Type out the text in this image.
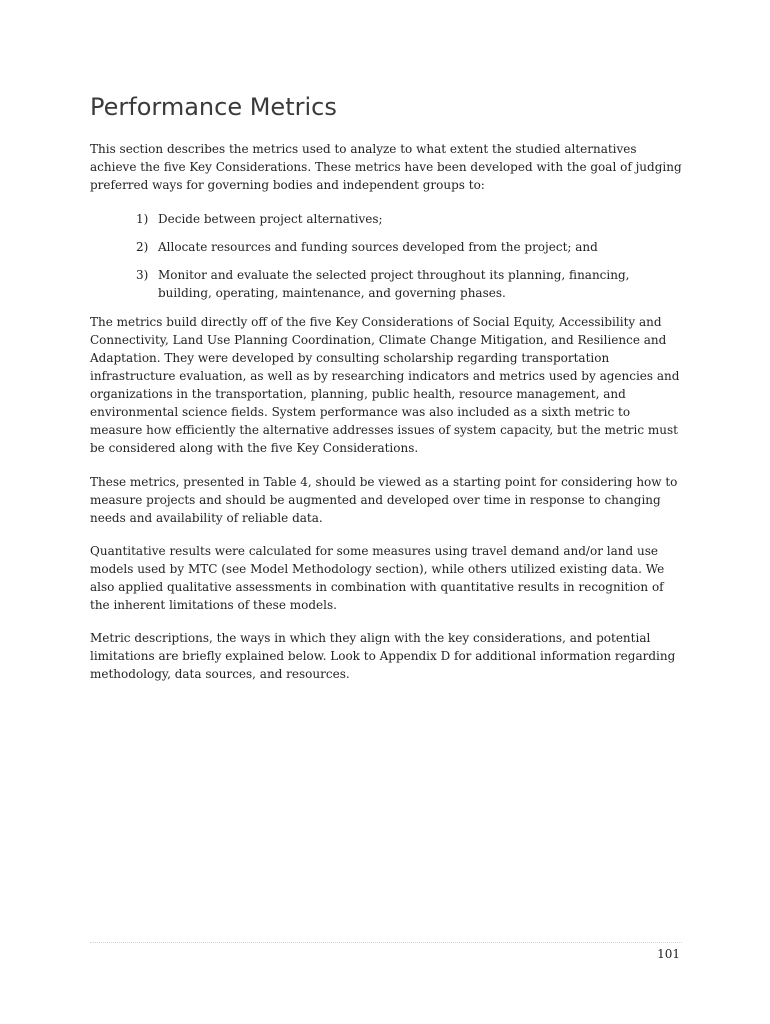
Performance Metrics

This section describes the metrics used to analyze to what extent the studied alternatives achieve the five Key Considerations. These metrics have been developed with the goal of judging preferred ways for governing bodies and independent groups to:

1) Decide between project alternatives;
2) Allocate resources and funding sources developed from the project; and
3) Monitor and evaluate the selected project throughout its planning, financing, building, operating, maintenance, and governing phases.

The metrics build directly off of the five Key Considerations of Social Equity, Accessibility and Connectivity, Land Use Planning Coordination, Climate Change Mitigation, and Resilience and Adaptation. They were developed by consulting scholarship regarding transportation infrastructure evaluation, as well as by researching indicators and metrics used by agencies and organizations in the transportation, planning, public health, resource management, and environmental science fields. System performance was also included as a sixth metric to measure how efficiently the alternative addresses issues of system capacity, but the metric must be considered along with the five Key Considerations.

These metrics, presented in Table 4, should be viewed as a starting point for considering how to measure projects and should be augmented and developed over time in response to changing needs and availability of reliable data.

Quantitative results were calculated for some measures using travel demand and/or land use models used by MTC (see Model Methodology section), while others utilized existing data. We also applied qualitative assessments in combination with quantitative results in recognition of the inherent limitations of these models.

Metric descriptions, the ways in which they align with the key considerations, and potential limitations are briefly explained below. Look to Appendix D for additional information regarding methodology, data sources, and resources.

101
